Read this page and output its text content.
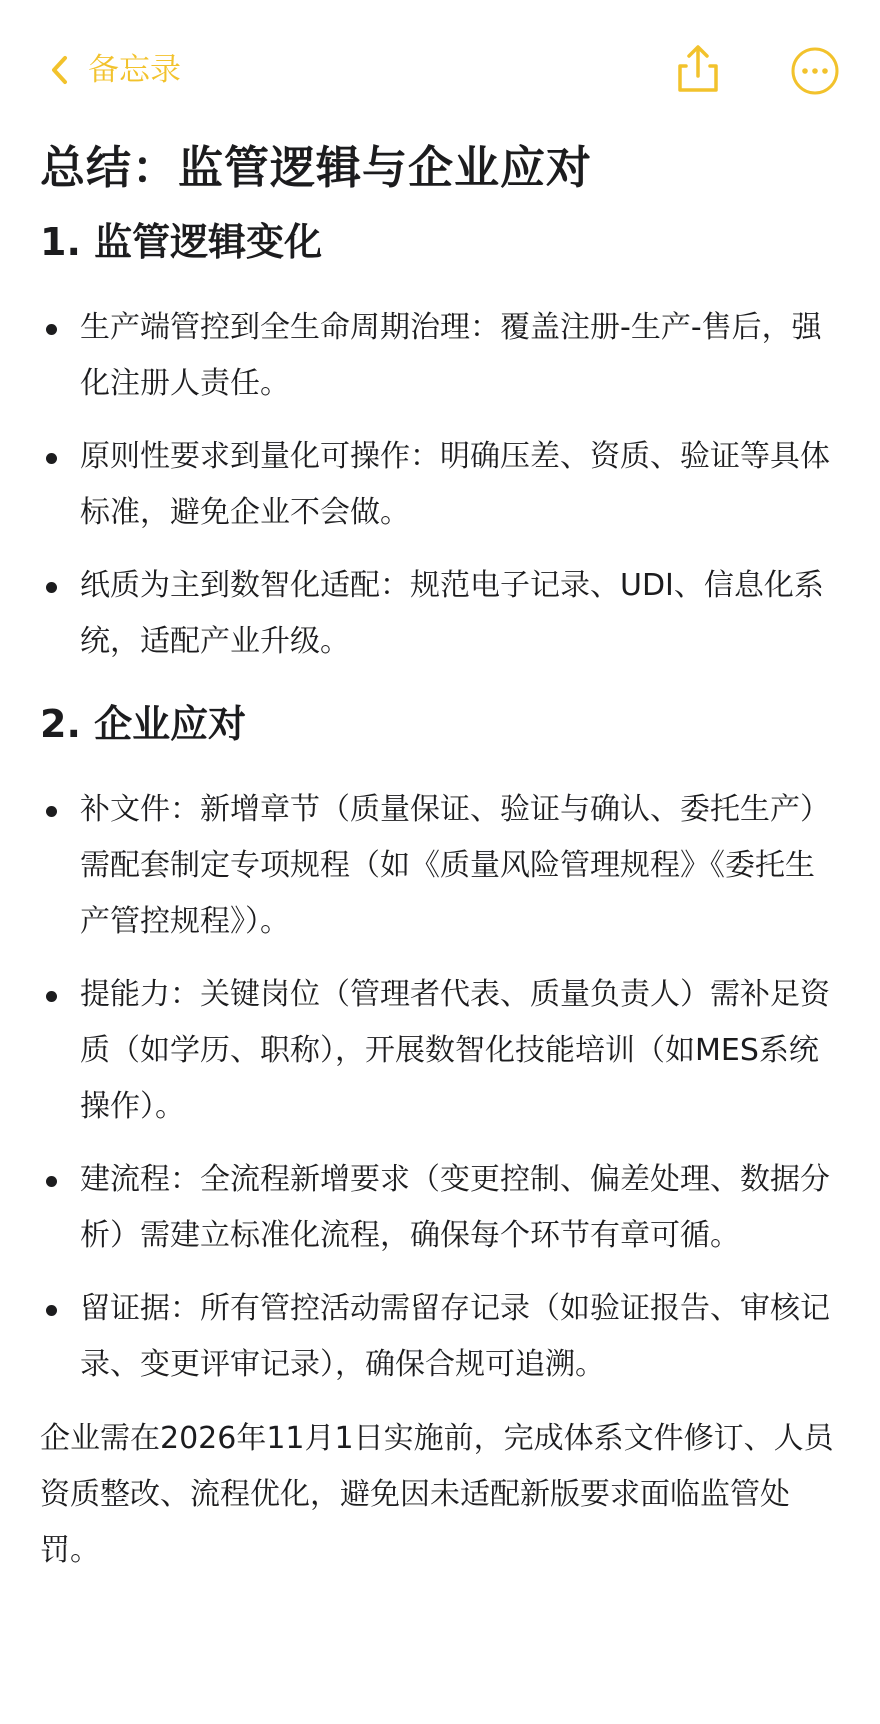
备忘录
总结：监管逻辑与企业应对
1. 监管逻辑变化
生产端管控到全生命周期治理：覆盖注册-生产-售后，强化注册人责任。
原则性要求到量化可操作：明确压差、资质、验证等具体标准，避免企业不会做。
纸质为主到数智化适配：规范电子记录、UDI、信息化系统，适配产业升级。
2. 企业应对
补文件：新增章节（质量保证、验证与确认、委托生产）需配套制定专项规程（如《质量风险管理规程》《委托生产管控规程》）。
提能力：关键岗位（管理者代表、质量负责人）需补足资质（如学历、职称），开展数智化技能培训（如MES系统操作）。
建流程：全流程新增要求（变更控制、偏差处理、数据分析）需建立标准化流程，确保每个环节有章可循。
留证据：所有管控活动需留存记录（如验证报告、审核记录、变更评审记录），确保合规可追溯。

企业需在2026年11月1日实施前，完成体系文件修订、人员资质整改、流程优化，避免因未适配新版要求面临监管处罚。
